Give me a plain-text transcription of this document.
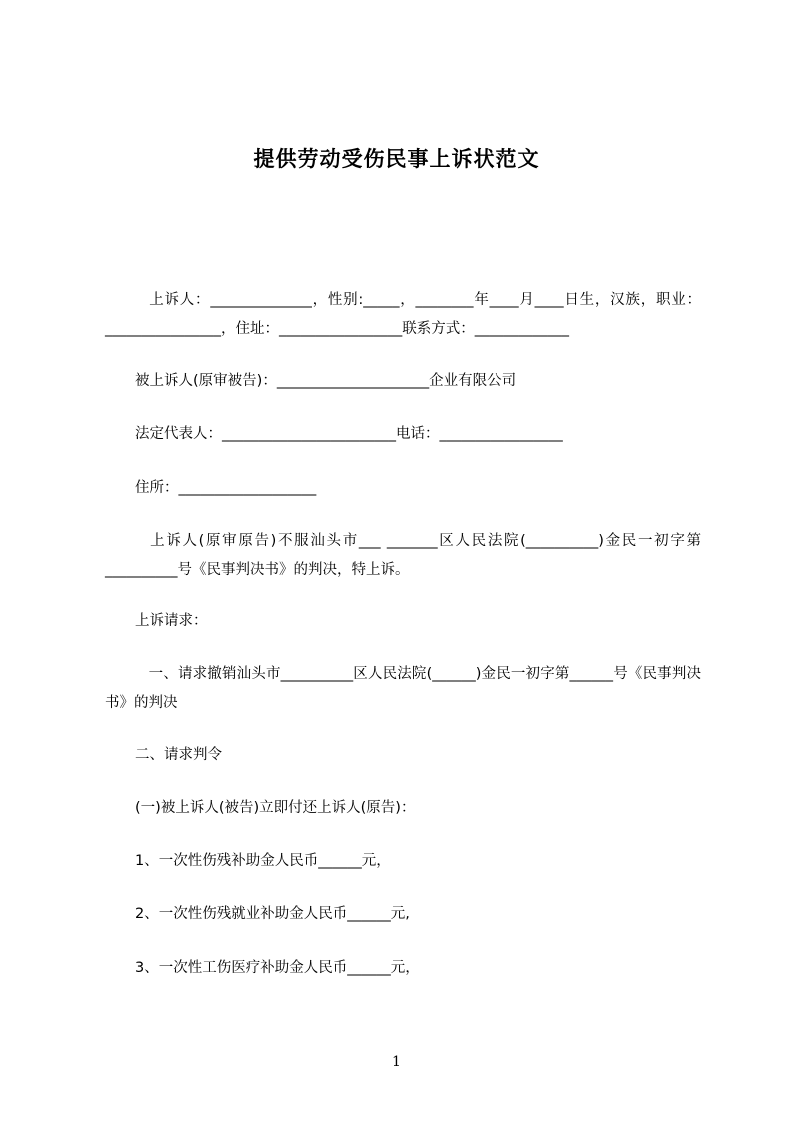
提供劳动受伤民事上诉状范文
　上诉人：______________，性别:_____，________年____月____日生，汉族，职业：________________，住址：_________________联系方式：_____________
被上诉人(原审被告)：_____________________企业有限公司
法定代表人：________________________电话：_________________
住所：___________________
　上诉人(原审原告)不服汕头市___ _______区人民法院(__________)金民一初字第__________号《民事判决书》的判决，特上诉。
上诉请求：
　一、请求撤销汕头市__________区人民法院(______)金民一初字第______号《民事判决书》的判决
二、请求判令
(一)被上诉人(被告)立即付还上诉人(原告)：
1、一次性伤残补助金人民币______元，
2、一次性伤残就业补助金人民币______元,
3、一次性工伤医疗补助金人民币______元，
1
